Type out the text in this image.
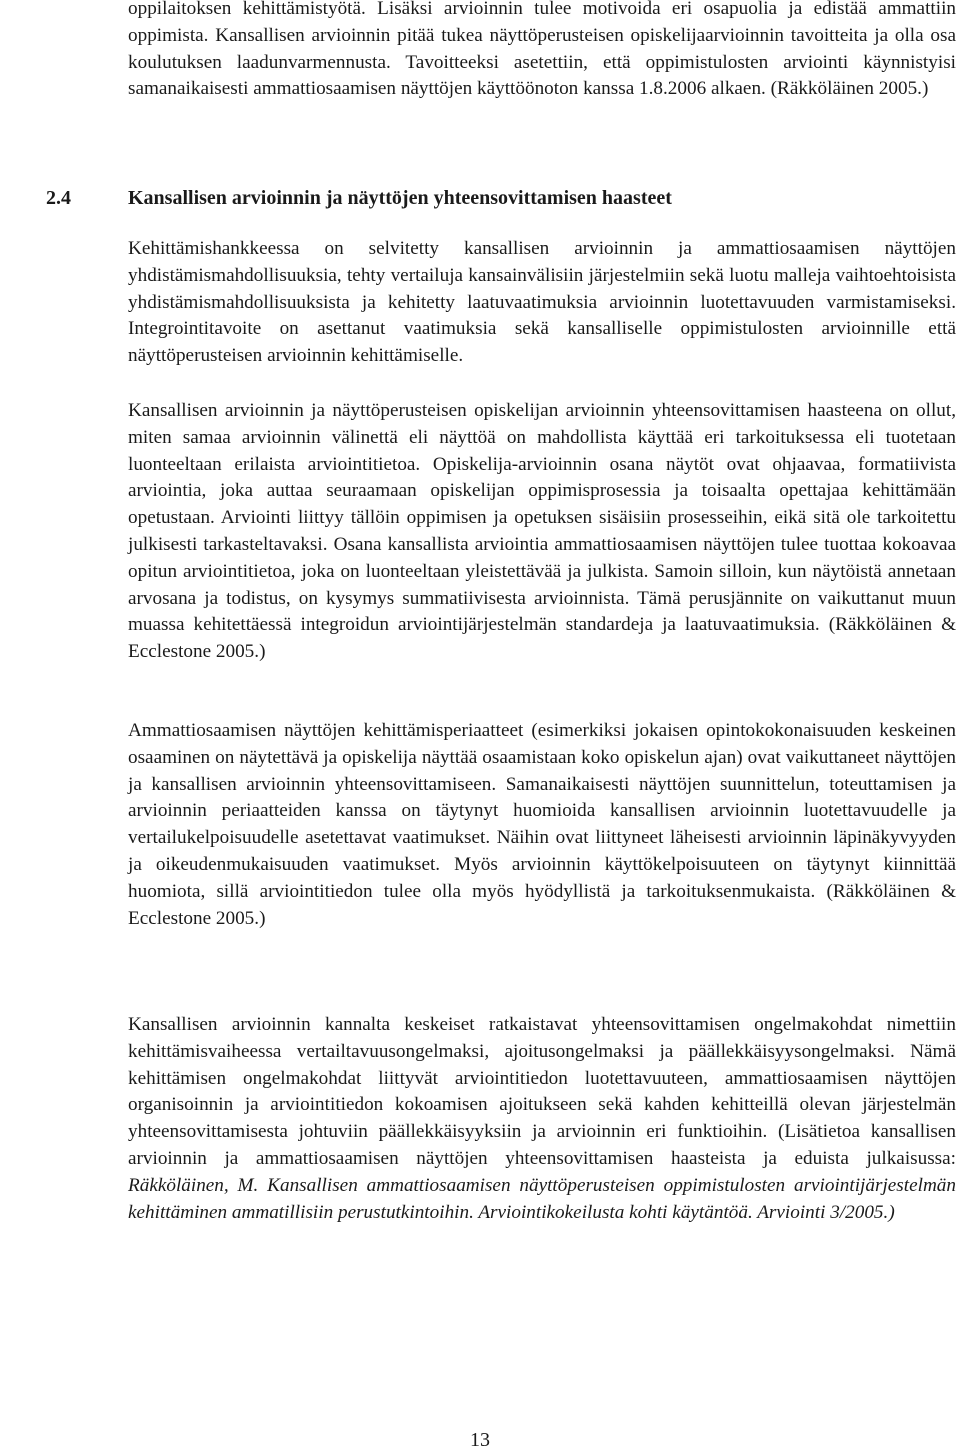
oppilaitoksen kehittämistyötä. Lisäksi arvioinnin tulee motivoida eri osapuolia ja edistää ammattiin oppimista. Kansallisen arvioinnin pitää tukea näyttöperusteisen opiskelijaarvioinnin tavoitteita ja olla osa koulutuksen laadunvarmennusta. Tavoitteeksi asetettiin, että oppimistulosten arviointi käynnistyisi samanaikaisesti ammattiosaamisen näyttöjen käyttöönoton kanssa 1.8.2006 alkaen. (Räkköläinen 2005.)

2.4	Kansallisen arvioinnin ja näyttöjen yhteensovittamisen haasteet

Kehittämishankkeessa on selvitetty kansallisen arvioinnin ja ammattiosaamisen näyttöjen yhdistämismahdollisuuksia, tehty vertailuja kansainvälisiin järjestelmiin sekä luotu malleja vaihtoehtoisista yhdistämismahdollisuuksista ja kehitetty laatuvaatimuksia arvioinnin luotettavuuden varmistamiseksi. Integrointitavoite on asettanut vaatimuksia sekä kansalliselle oppimistulosten arvioinnille että näyttöperusteisen arvioinnin kehittämiselle.

Kansallisen arvioinnin ja näyttöperusteisen opiskelijan arvioinnin yhteensovittamisen haasteena on ollut, miten samaa arvioinnin välinettä eli näyttöä on mahdollista käyttää eri tarkoituksessa eli tuotetaan luonteeltaan erilaista arviointitietoa. Opiskelija-arvioinnin osana näytöt ovat ohjaavaa, formatiivista arviointia, joka auttaa seuraamaan opiskelijan oppimisprosessia ja toisaalta opettajaa kehittämään opetustaan. Arviointi liittyy tällöin oppimisen ja opetuksen sisäisiin prosesseihin, eikä sitä ole tarkoitettu julkisesti tarkasteltavaksi. Osana kansallista arviointia ammattiosaamisen näyttöjen tulee tuottaa kokoavaa opitun arviointitietoa, joka on luonteeltaan yleistettävää ja julkista. Samoin silloin, kun näytöistä annetaan arvosana ja todistus, on kysymys summatiivisesta arvioinnista. Tämä perusjännite on vaikuttanut muun muassa kehitettäessä integroidun arviointijärjestelmän standardeja ja laatuvaatimuksia. (Räkköläinen & Ecclestone 2005.)

Ammattiosaamisen näyttöjen kehittämisperiaatteet (esimerkiksi jokaisen opintokokonaisuuden keskeinen osaaminen on näytettävä ja opiskelija näyttää osaamistaan koko opiskelun ajan) ovat vaikuttaneet näyttöjen ja kansallisen arvioinnin yhteensovittamiseen. Samanaikaisesti näyttöjen suunnittelun, toteuttamisen ja arvioinnin periaatteiden kanssa on täytynyt huomioida kansallisen arvioinnin luotettavuudelle ja vertailukelpoisuudelle asetettavat vaatimukset. Näihin ovat liittyneet läheisesti arvioinnin läpinäkyvyyden ja oikeudenmukaisuuden vaatimukset. Myös arvioinnin käyttökelpoisuuteen on täytynyt kiinnittää huomiota, sillä arviointitiedon tulee olla myös hyödyllistä ja tarkoituksenmukaista. (Räkköläinen & Ecclestone 2005.)

Kansallisen arvioinnin kannalta keskeiset ratkaistavat yhteensovittamisen ongelmakohdat nimettiin kehittämisvaiheessa vertailtavuusongelmaksi, ajoitusongelmaksi ja päällekkäisyysongelmaksi. Nämä kehittämisen ongelmakohdat liittyvät arviointitiedon luotettavuuteen, ammattiosaamisen näyttöjen organisoinnin ja arviointitiedon kokoamisen ajoitukseen sekä kahden kehitteillä olevan järjestelmän yhteensovittamisesta johtuviin päällekkäisyyksiin ja arvioinnin eri funktioihin. (Lisätietoa kansallisen arvioinnin ja ammattiosaamisen näyttöjen yhteensovittamisen haasteista ja eduista julkaisussa: Räkköläinen, M. Kansallisen ammattiosaamisen näyttöperusteisen oppimistulosten arviointijärjestelmän kehittäminen ammatillisiin perustutkintoihin. Arviointikokeilusta kohti käytäntöä. Arviointi 3/2005.)

13
